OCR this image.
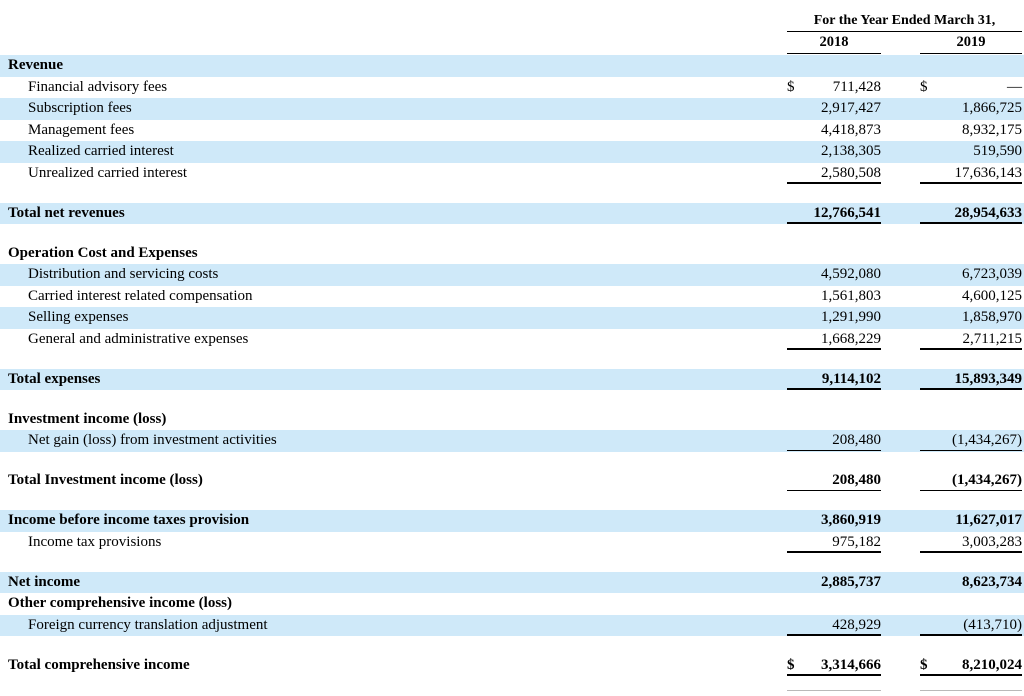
For the Year Ended March 31,
2018	2019
Revenue
Financial advisory fees	$	711,428	$	—
Subscription fees	2,917,427	1,866,725
Management fees	4,418,873	8,932,175
Realized carried interest	2,138,305	519,590
Unrealized carried interest	2,580,508	17,636,143
Total net revenues	12,766,541	28,954,633
Operation Cost and Expenses
Distribution and servicing costs	4,592,080	6,723,039
Carried interest related compensation	1,561,803	4,600,125
Selling expenses	1,291,990	1,858,970
General and administrative expenses	1,668,229	2,711,215
Total expenses	9,114,102	15,893,349
Investment income (loss)
Net gain (loss) from investment activities	208,480	(1,434,267)
Total Investment income (loss)	208,480	(1,434,267)
Income before income taxes provision	3,860,919	11,627,017
Income tax provisions	975,182	3,003,283
Net income	2,885,737	8,623,734
Other comprehensive income (loss)
Foreign currency translation adjustment	428,929	(413,710)
Total comprehensive income	$ 3,314,666	$ 8,210,024
